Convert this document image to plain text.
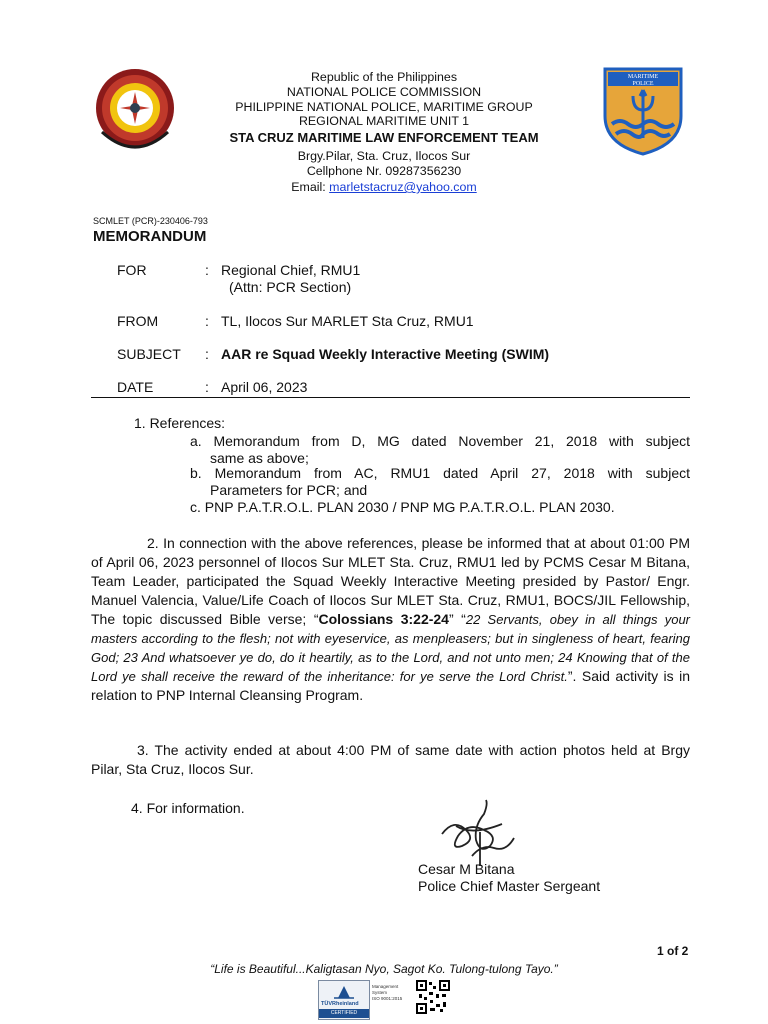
MARITIME
POLICE
Republic of the Philippines
NATIONAL POLICE COMMISSION
PHILIPPINE NATIONAL POLICE, MARITIME GROUP
REGIONAL MARITIME UNIT 1
STA CRUZ MARITIME LAW ENFORCEMENT TEAM
Brgy.Pilar, Sta. Cruz, Ilocos Sur
Cellphone Nr. 09287356230
Email: marletstacruz@yahoo.com
SCMLET (PCR)-230406-793
MEMORANDUM
FOR	: Regional Chief, RMU1
(Attn: PCR Section)
FROM	: TL, Ilocos Sur MARLET Sta Cruz, RMU1
SUBJECT	: AAR re Squad Weekly Interactive Meeting (SWIM)
DATE	: April 06, 2023
1. References:
a. Memorandum from D, MG dated November 21, 2018 with subject
same as above;
b. Memorandum from AC, RMU1 dated April 27, 2018 with subject
Parameters for PCR; and
c. PNP P.A.T.R.O.L. PLAN 2030 / PNP MG P.A.T.R.O.L. PLAN 2030.
2. In connection with the above references, please be informed that at about 01:00 PM of April 06, 2023 personnel of Ilocos Sur MLET Sta. Cruz, RMU1 led by PCMS Cesar M Bitana, Team Leader, participated the Squad Weekly Interactive Meeting presided by Pastor/ Engr. Manuel Valencia, Value/Life Coach of Ilocos Sur MLET Sta. Cruz, RMU1, BOCS/JIL Fellowship, The topic discussed Bible verse; “Colossians 3:22-24” “22 Servants, obey in all things your masters according to the flesh; not with eyeservice, as menpleasers; but in singleness of heart, fearing God; 23 And whatsoever ye do, do it heartily, as to the Lord, and not unto men; 24 Knowing that of the Lord ye shall receive the reward of the inheritance: for ye serve the Lord Christ.”. Said activity is in relation to PNP Internal Cleansing Program.
3. The activity ended at about 4:00 PM of same date with action photos held at Brgy Pilar, Sta Cruz, Ilocos Sur.
4. For information.
Cesar M Bitana
Police Chief Master Sergeant
1 of 2
“Life is Beautiful...Kaligtasan Nyo, Sagot Ko. Tulong-tulong Tayo.”
TÜVRheinland
CERTIFIED
Management
System
ISO 9001:2015
